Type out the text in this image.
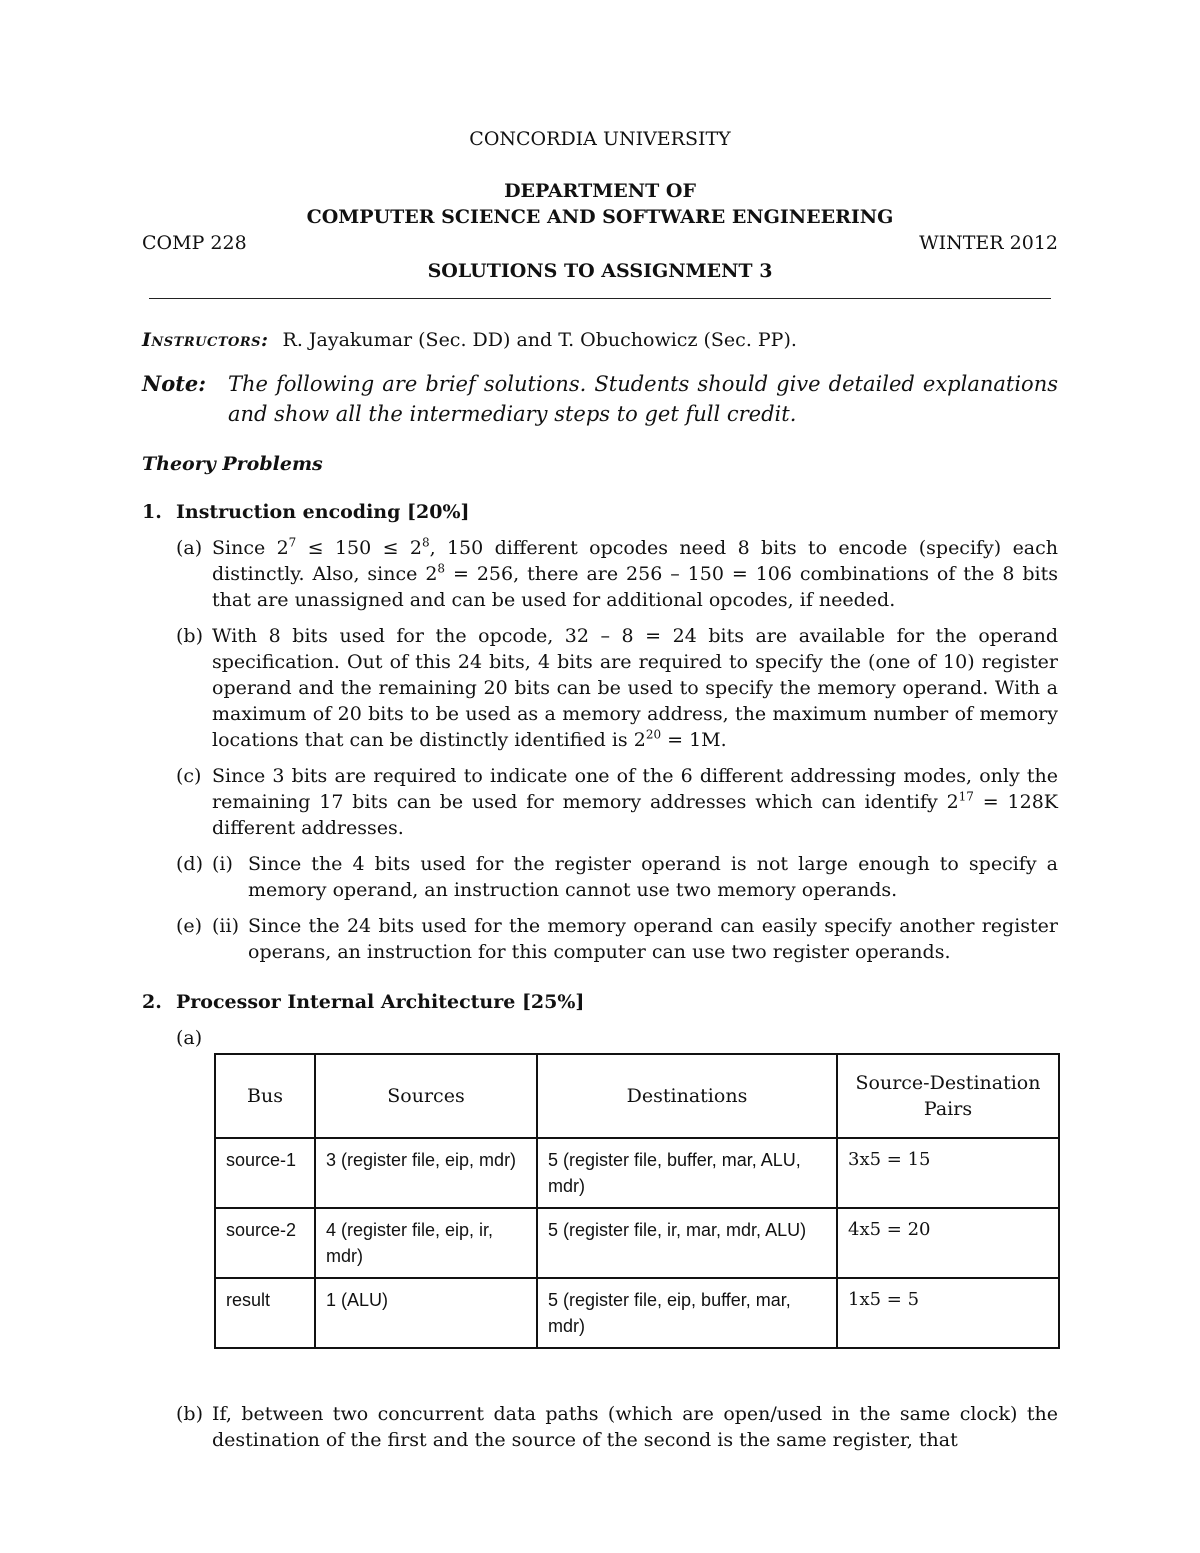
CONCORDIA UNIVERSITY
DEPARTMENT OF
COMPUTER SCIENCE AND SOFTWARE ENGINEERING
COMP 228	WINTER 2012
SOLUTIONS TO ASSIGNMENT 3
Instructors: R. Jayakumar (Sec. DD) and T. Obuchowicz (Sec. PP).
Note:	The following are brief solutions. Students should give detailed explanations and show all the intermediary steps to get full credit.
Theory Problems
1. Instruction encoding [20%]
(a) Since $2^7 \le 150 \le 2^8$, 150 different opcodes need 8 bits to encode (specify) each distinctly. Also, since $2^8 = 256$, there are 256 – 150 = 106 combinations of the 8 bits that are unassigned and can be used for additional opcodes, if needed.
(b) With 8 bits used for the opcode, 32 – 8 = 24 bits are available for the operand specification. Out of this 24 bits, 4 bits are required to specify the (one of 10) register operand and the remaining 20 bits can be used to specify the memory operand. With a maximum of 20 bits to be used as a memory address, the maximum number of memory locations that can be distinctly identified is $2^{20} = 1M$.
(c) Since 3 bits are required to indicate one of the 6 different addressing modes, only the remaining 17 bits can be used for memory addresses which can identify $2^{17} = 128K$ different addresses.
(d) (i) Since the 4 bits used for the register operand is not large enough to specify a memory operand, an instruction cannot use two memory operands.
(e) (ii) Since the 24 bits used for the memory operand can easily specify another register operans, an instruction for this computer can use two register operands.
2. Processor Internal Architecture [25%]
(a)
Bus	Sources	Destinations	Source-Destination Pairs
source-1	3 (register file, eip, mdr)	5 (register file, buffer, mar, ALU, mdr)	3x5 = 15
source-2	4 (register file, eip, ir, mdr)	5 (register file, ir, mar, mdr, ALU)	4x5 = 20
result	1 (ALU)	5 (register file, eip, buffer, mar, mdr)	1x5 = 5
(b) If, between two concurrent data paths (which are open/used in the same clock) the destination of the first and the source of the second is the same register, that
